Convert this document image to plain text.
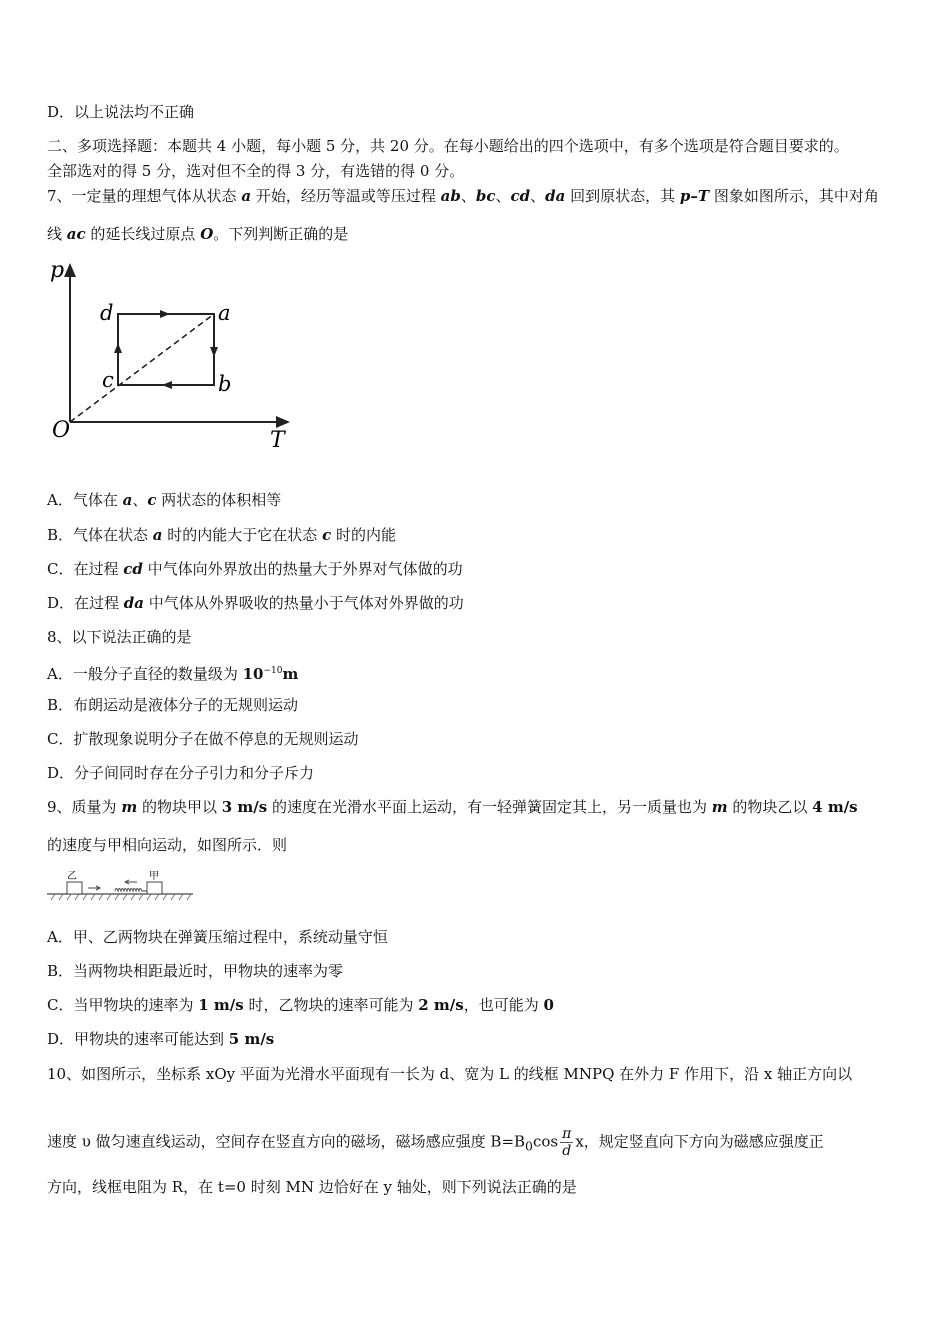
D．以上说法均不正确
二、多项选择题：本题共 4 小题，每小题 5 分，共 20 分。在每小题给出的四个选项中，有多个选项是符合题目要求的。
全部选对的得 5 分，选对但不全的得 3 分，有选错的得 0 分。
7、一定量的理想气体从状态 a 开始，经历等温或等压过程 ab、bc、cd、da 回到原状态，其 p–T 图象如图所示，其中对角
线 ac 的延长线过原点 O。下列判断正确的是
A．气体在 a、c 两状态的体积相等
B．气体在状态 a 时的内能大于它在状态 c 时的内能
C．在过程 cd 中气体向外界放出的热量大于外界对气体做的功
D．在过程 da 中气体从外界吸收的热量小于气体对外界做的功
8、以下说法正确的是
A．一般分子直径的数量级为 $10^{-10}m$
B．布朗运动是液体分子的无规则运动
C．扩散现象说明分子在做不停息的无规则运动
D．分子间同时存在分子引力和分子斥力
9、质量为 m 的物块甲以 3 m/s 的速度在光滑水平面上运动，有一轻弹簧固定其上，另一质量也为 m 的物块乙以 4 m/s
的速度与甲相向运动，如图所示．则
A．甲、乙两物块在弹簧压缩过程中，系统动量守恒
B．当两物块相距最近时，甲物块的速率为零
C．当甲物块的速率为 1 m/s 时，乙物块的速率可能为 2 m/s，也可能为 0
D．甲物块的速率可能达到 5 m/s
10、如图所示，坐标系 xOy 平面为光滑水平面现有一长为 d、宽为 L 的线框 MNPQ 在外力 F 作用下，沿 x 轴正方向以
速度 υ 做匀速直线运动，空间存在竖直方向的磁场，磁场感应强度 $B=B_0\cos \frac{\pi}{d}$ x，规定竖直向下方向为磁感应强度正
方向，线框电阻为 R，在 t=0 时刻 MN 边恰好在 y 轴处，则下列说法正确的是
p
T
O
d	a
c	b
乙	甲
